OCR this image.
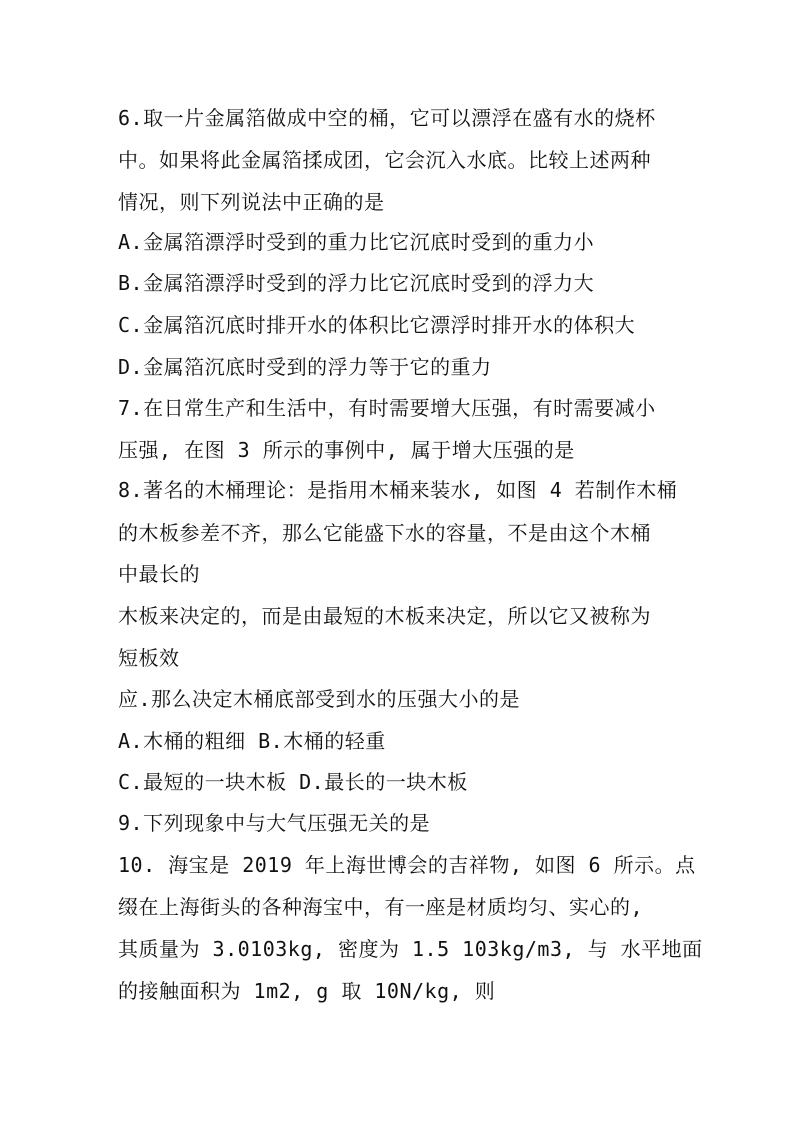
6.取一片金属箔做成中空的桶，它可以漂浮在盛有水的烧杯
中。如果将此金属箔揉成团，它会沉入水底。比较上述两种
情况，则下列说法中正确的是
A.金属箔漂浮时受到的重力比它沉底时受到的重力小
B.金属箔漂浮时受到的浮力比它沉底时受到的浮力大
C.金属箔沉底时排开水的体积比它漂浮时排开水的体积大
D.金属箔沉底时受到的浮力等于它的重力
7.在日常生产和生活中，有时需要增大压强，有时需要减小
压强, 在图 3 所示的事例中, 属于增大压强的是
8.著名的木桶理论：是指用木桶来装水, 如图 4 若制作木桶
的木板参差不齐，那么它能盛下水的容量，不是由这个木桶
中最长的
木板来决定的，而是由最短的木板来决定，所以它又被称为
短板效
应.那么决定木桶底部受到水的压强大小的是
A.木桶的粗细 B.木桶的轻重
C.最短的一块木板 D.最长的一块木板
9.下列现象中与大气压强无关的是
10. 海宝是 2019 年上海世博会的吉祥物, 如图 6 所示。点
缀在上海街头的各种海宝中，有一座是材质均匀、实心的,
其质量为 3.0103kg, 密度为 1.5 103kg/m3, 与 水平地面
的接触面积为 1m2, g 取 10N/kg, 则
